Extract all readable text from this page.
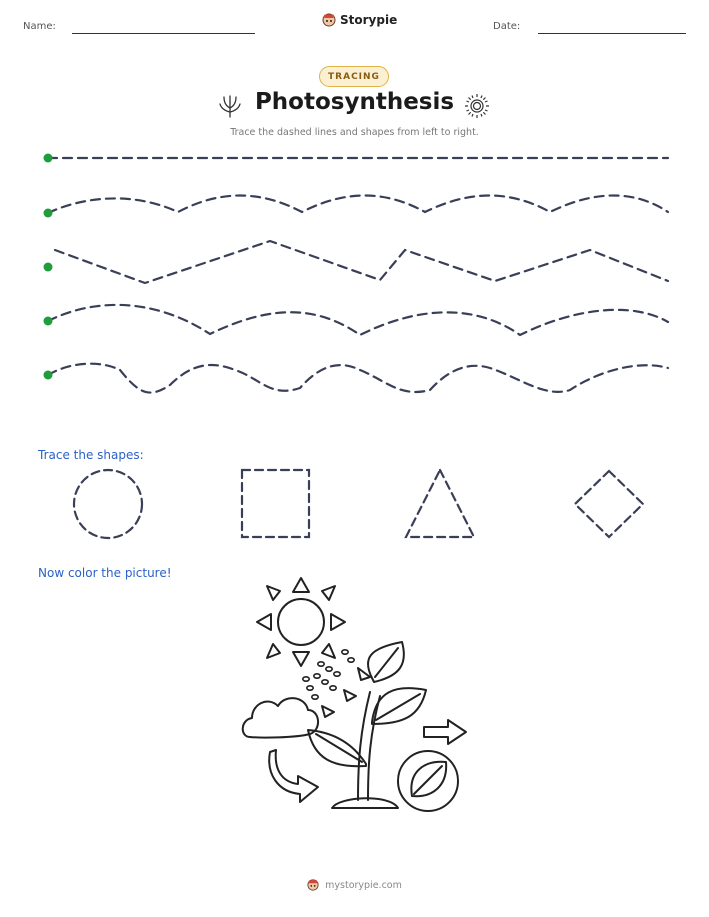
Name:	Storypie	Date:
TRACING
Photosynthesis
Trace the dashed lines and shapes from left to right.
Trace the shapes:
Now color the picture!
mystorypie.com
